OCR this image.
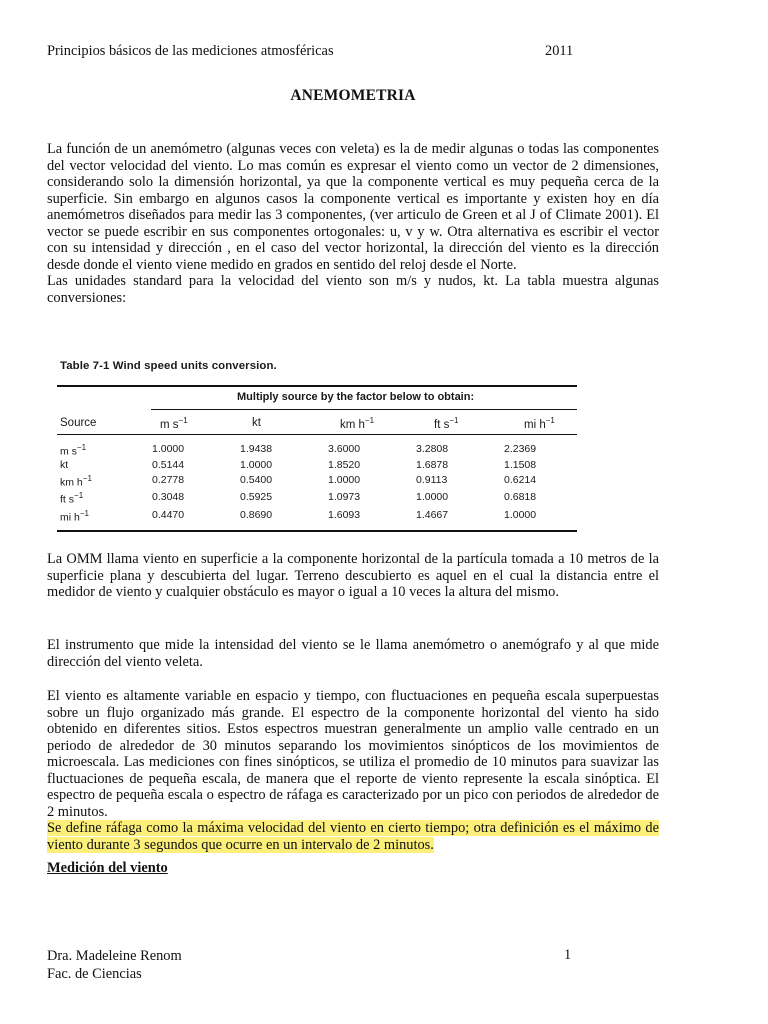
Principios básicos de las mediciones atmosféricas	2011
ANEMOMETRIA

La función de un anemómetro (algunas veces con veleta) es la de medir algunas o todas las componentes del vector velocidad del viento. Lo mas común es expresar el viento como un vector de 2 dimensiones, considerando solo la dimensión horizontal, ya que la componente vertical es muy pequeña cerca de la superficie. Sin embargo en algunos casos la componente vertical es importante y existen hoy en día anemómetros diseñados para medir las 3 componentes, (ver articulo de Green et al J of Climate 2001). El vector se puede escribir en sus componentes ortogonales: u, v y w. Otra alternativa es escribir el vector con su intensidad y dirección , en el caso del vector horizontal, la dirección del viento es la dirección desde donde el viento viene medido en grados en sentido del reloj desde el Norte.

Las unidades standard para la velocidad del viento son m/s y nudos, kt. La tabla muestra algunas conversiones:

Table 7-1 Wind speed units conversion.
Multiply source by the factor below to obtain:
Source	m $s^{-1}$	kt	km $h^{-1}$	ft $s^{-1}$	mi $h^{-1}$
m $s^{-1}$	1.0000	1.9438	3.6000	3.2808	2.2369
kt	0.5144	1.0000	1.8520	1.6878	1.1508
km $h^{-1}$	0.2778	0.5400	1.0000	0.9113	0.6214
ft $s^{-1}$	0.3048	0.5925	1.0973	1.0000	0.6818
mi $h^{-1}$	0.4470	0.8690	1.6093	1.4667	1.0000
La OMM llama viento en superficie a la componente horizontal de la partícula tomada a 10 metros de la superficie plana y descubierta del lugar. Terreno descubierto es aquel en el cual la distancia entre el medidor de viento y cualquier obstáculo es mayor o igual a 10 veces la altura del mismo.
El instrumento que mide la intensidad del viento se le llama anemómetro o anemógrafo y al que mide dirección del viento veleta.

El viento es altamente variable en espacio y tiempo, con fluctuaciones en pequeña escala superpuestas sobre un flujo organizado más grande. El espectro de la componente horizontal del viento ha sido obtenido en diferentes sitios. Estos espectros muestran generalmente un amplio valle centrado en un periodo de alrededor de 30 minutos separando los movimientos sinópticos de los movimientos de microescala. Las mediciones con fines sinópticos, se utiliza el promedio de 10 minutos para suavizar las fluctuaciones de pequeña escala, de manera que el reporte de viento represente la escala sinóptica. El espectro de pequeña escala o espectro de ráfaga es caracterizado por un pico con periodos de alrededor de 2 minutos.

Se define ráfaga como la máxima velocidad del viento en cierto tiempo; otra definición es el máximo de viento durante 3 segundos que ocurre en un intervalo de 2 minutos.

Medición del viento
Dra. Madeleine Renom
Fac. de Ciencias
1
